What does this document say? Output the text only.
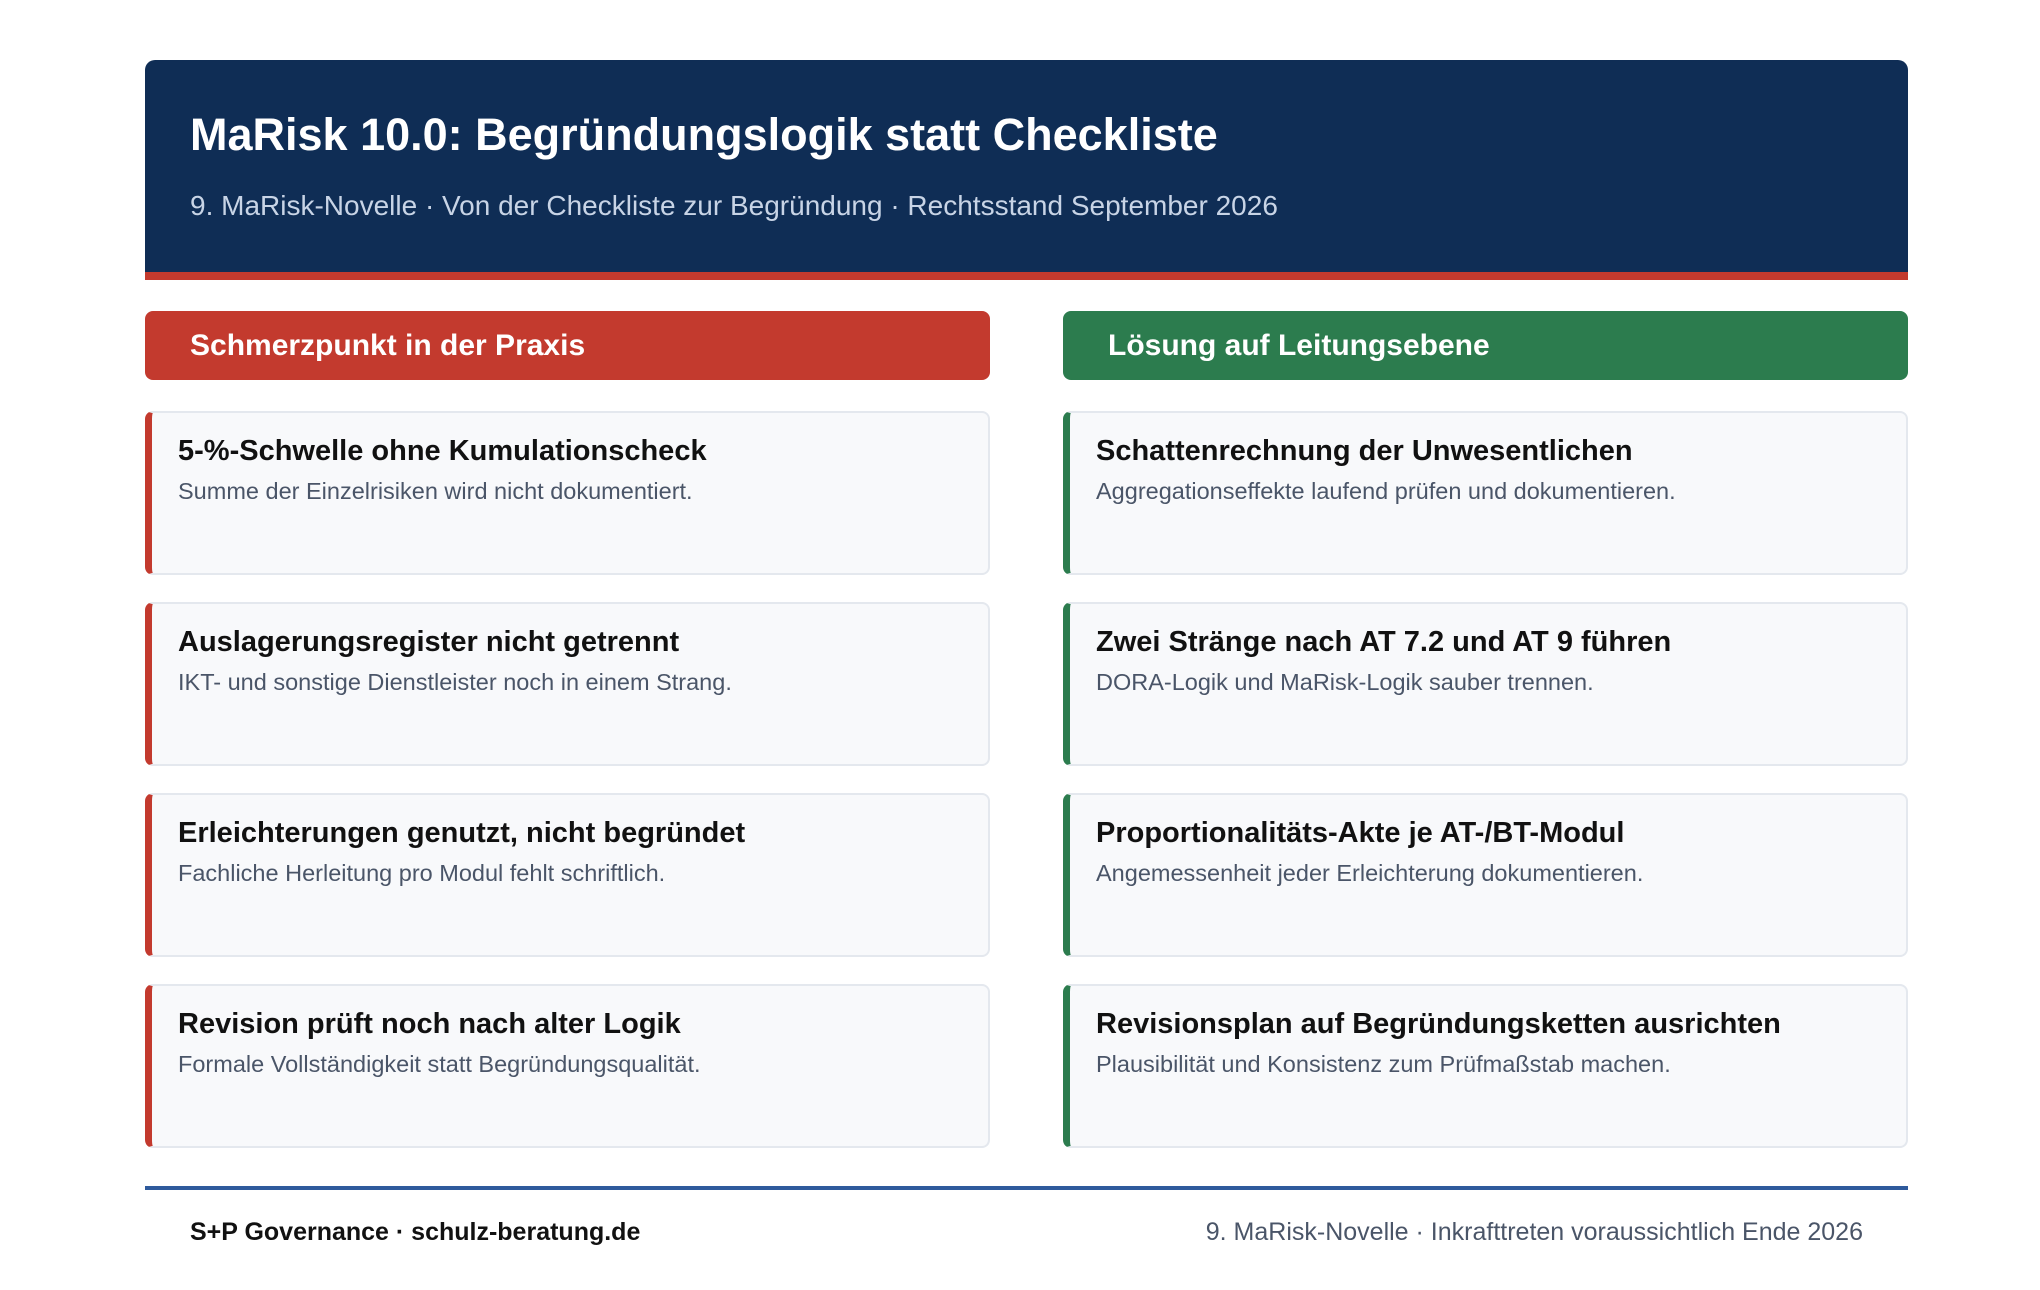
MaRisk 10.0: Begründungslogik statt Checkliste
9. MaRisk-Novelle · Von der Checkliste zur Begründung · Rechtsstand September 2026
Schmerzpunkt in der Praxis
5-%-Schwelle ohne Kumulationscheck
Summe der Einzelrisiken wird nicht dokumentiert.
Auslagerungsregister nicht getrennt
IKT- und sonstige Dienstleister noch in einem Strang.
Erleichterungen genutzt, nicht begründet
Fachliche Herleitung pro Modul fehlt schriftlich.
Revision prüft noch nach alter Logik
Formale Vollständigkeit statt Begründungsqualität.
Lösung auf Leitungsebene
Schattenrechnung der Unwesentlichen
Aggregationseffekte laufend prüfen und dokumentieren.
Zwei Stränge nach AT 7.2 und AT 9 führen
DORA-Logik und MaRisk-Logik sauber trennen.
Proportionalitäts-Akte je AT-/BT-Modul
Angemessenheit jeder Erleichterung dokumentieren.
Revisionsplan auf Begründungsketten ausrichten
Plausibilität und Konsistenz zum Prüfmaßstab machen.
S+P Governance · schulz-beratung.de	9. MaRisk-Novelle · Inkrafttreten voraussichtlich Ende 2026
